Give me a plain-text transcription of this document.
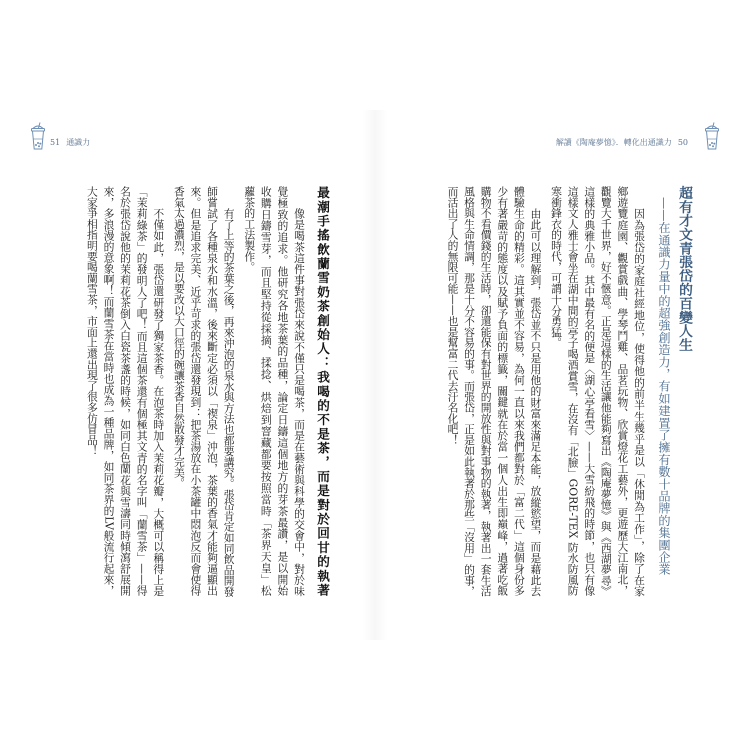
51 通識力
最潮手搖飲蘭雪奶茶創始人：我喝的不是茶，而是對於回甘的執著
像是喝茶這件事對張岱來說不僅只是喝茶，而是在藝術與科學的交會中，對於味
覺極致的追求。他研究各地茶葉的品種，論定日鑄這個地方的芽茶最讚，是以開始
收購日鑄雪芽，而且堅持從採摘、揉捻、烘焙到窨藏都要按照當時「茶界天皇」松
蘿茶的工法製作。
有了上等的茶葉之後，再來沖泡的泉水與方法也都要講究。張岱肯定如同飲品開發
師嘗試了各種泉水和水溫，後來斷定必須以「禊泉」沖泡，茶葉的香氣才能夠逼顯出
來。但是追求完美、近乎苛求的張岱還發現到：把茶湯放在小茶罐中悶泡反而會使得
香氣太過濃烈，是以要改以大口徑的碗讓茶香自然散發才完美。
不僅如此，張岱還研發了獨家茶香。在泡茶時加入茉莉花瓣，大概可以稱得上是
「茉莉綠茶」的發明人了吧！而且這個茶還有個極其文青的名字叫「蘭雪茶」——得
名於張岱說他的茉莉花茶倒入白瓷茶盞的時候，如同白色蘭花與雪濤同時傾瀉舒展開
來，多浪漫的意象啊！而蘭雪茶在當時也成為一種品牌，如同茶界的LV般流行起來，
大家爭相指明要喝蘭雪茶，市面上還出現了很多仿冒品！
解讀《陶庵夢憶》．轉化出通識力 50
超有才文青張岱的百變人生
——在通識力量中的超強創造力，有如建置了擁有數十品牌的集團企業
因為張岱的家庭社經地位，使得他的前半生幾乎是以「休閒為工作」，除了在家
鄉遊覽庭園、觀賞戲曲、學琴鬥雞、品茗玩物、欣賞燈花工藝外，更遊歷大江南北，
觀覽大千世界，好不愜意。正是這樣的生活讓他能夠寫出《陶庵夢憶》與《西湖夢尋》
這樣的典雅小品。其中最有名的便是〈湖心亭看雪〉——大雪紛飛的時節，也只有像
這樣文人雅士會坐在湖中間的亭子喝酒賞雪，在沒有「北臉」GORE-TEX 防水防風防
寒衝鋒衣的時代，可謂十分勇猛。
由此可以理解到，張岱並不只是用他的財富來滿足本能，放縱慾望，而是藉此去
體驗生命的精彩。這其實並不容易，為何一直以來我們都對於「富二代」這個身份多
少有著嚴苛的態度以及賦予負面的標籤，關鍵就在於當一個人出生即巔峰，過著吃飯
購物不看價錢的生活時，卻還能保有對世界的開放性與對事物的執著，執著出一套生活
風格與生命情調，那是十分不容易的事。而張岱，正是如此執著於那些「沒用」的事，
而活出了人的無限可能——也是幫富二代去汙名化吧！
